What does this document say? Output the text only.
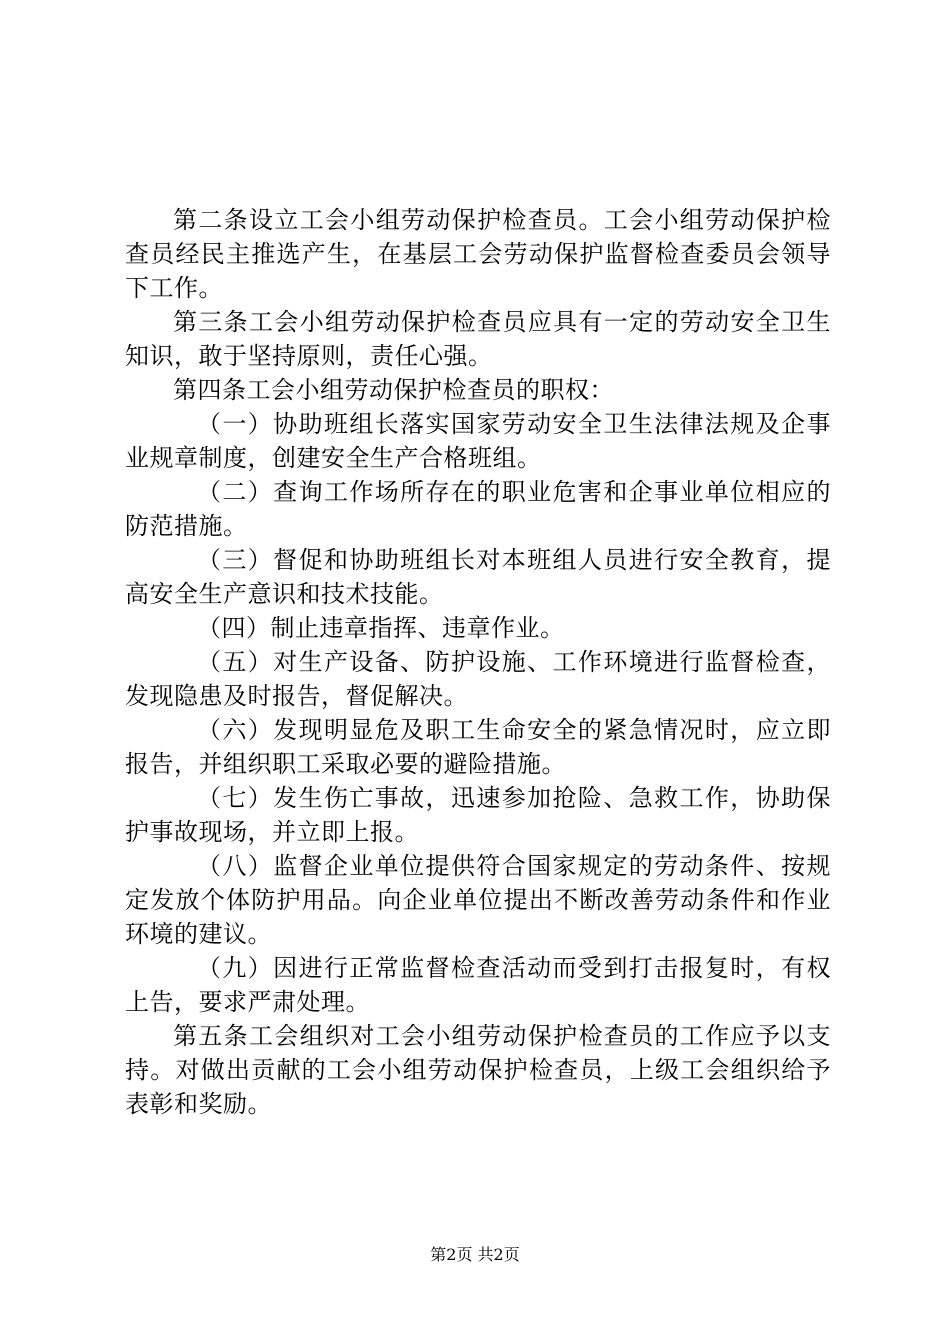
第二条设立工会小组劳动保护检查员。工会小组劳动保护检查员经民主推选产生，在基层工会劳动保护监督检查委员会领导下工作。

第三条工会小组劳动保护检查员应具有一定的劳动安全卫生知识，敢于坚持原则，责任心强。

第四条工会小组劳动保护检查员的职权：

（一）协助班组长落实国家劳动安全卫生法律法规及企事业规章制度，创建安全生产合格班组。

（二）查询工作场所存在的职业危害和企事业单位相应的防范措施。

（三）督促和协助班组长对本班组人员进行安全教育，提高安全生产意识和技术技能。

（四）制止违章指挥、违章作业。

（五）对生产设备、防护设施、工作环境进行监督检查，发现隐患及时报告，督促解决。

（六）发现明显危及职工生命安全的紧急情况时，应立即报告，并组织职工采取必要的避险措施。

（七）发生伤亡事故，迅速参加抢险、急救工作，协助保护事故现场，并立即上报。

（八）监督企业单位提供符合国家规定的劳动条件、按规定发放个体防护用品。向企业单位提出不断改善劳动条件和作业环境的建议。

（九）因进行正常监督检查活动而受到打击报复时，有权上告，要求严肃处理。

第五条工会组织对工会小组劳动保护检查员的工作应予以支持。对做出贡献的工会小组劳动保护检查员，上级工会组织给予表彰和奖励。

第2页 共2页
